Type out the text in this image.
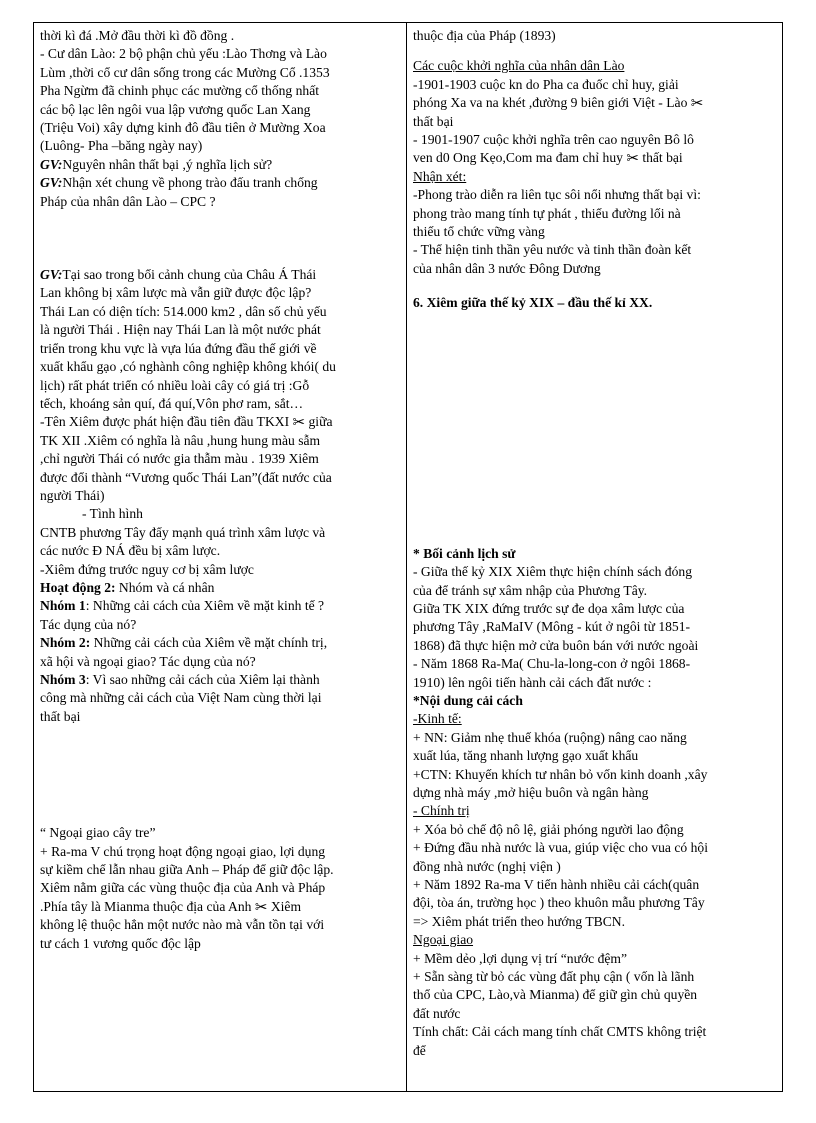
thời kì đá .Mở đầu thời kì đồ đồng .
- Cư dân Lào: 2 bộ phận chủ yếu :Lào Thơng và Lào
Lùm ,thời cổ cư dân sống trong các Mường Cổ .1353
Pha Ngừm đã chinh phục các mường cổ thống nhất
các bộ lạc lên ngôi vua lập vương quốc Lan Xang
(Triệu Voi) xây dựng kinh đô đầu tiên ở Mường Xoa
(Luông- Pha –băng ngày nay)
GV:Nguyên nhân thất bại ,ý nghĩa lịch sử?
GV:Nhận xét chung về phong trào đấu tranh chống
Pháp của nhân dân Lào – CPC ?
GV:Tại sao trong bối cảnh chung của Châu Á Thái
Lan không bị xâm lược mà vẫn giữ được độc lập?
Thái Lan có diện tích: 514.000 km2 , dân số chủ yếu
là người Thái . Hiện nay Thái Lan là một nước phát
triển trong khu vực là vựa lúa đứng đầu thế giới về
xuất khẩu gạo ,có nghành công nghiệp không khói( du
lịch) rất phát triển có nhiều loài cây có giá trị :Gỗ
tếch, khoáng sản quí, đá quí,Vôn phơ ram, sắt…
-Tên Xiêm được phát hiện đầu tiên đầu TKXI ✂ giữa
TK XII .Xiêm có nghĩa là nâu ,hung hung màu sẫm
,chỉ người Thái có nước gia thẫm màu . 1939 Xiêm
được đổi thành “Vương quốc Thái Lan”(đất nước của
người Thái)
- Tình hình
CNTB phương Tây đẩy mạnh quá trình xâm lược và
các nước Đ NÁ đều bị xâm lược.
-Xiêm đứng trước nguy cơ bị xâm lược
Hoạt động 2: Nhóm và cá nhân
Nhóm 1: Những cải cách của Xiêm về mặt kinh tế ?
Tác dụng của nó?
Nhóm 2: Những cải cách của Xiêm về mặt chính trị,
xã hội và ngoại giao? Tác dụng của nó?
Nhóm 3: Vì sao những cải cách của Xiêm lại thành
công mà những cải cách của Việt Nam cùng thời lại
thất bại
“ Ngoại giao cây tre”
+ Ra-ma V chú trọng hoạt động ngoại giao, lợi dụng
sự kiềm chế lẫn nhau giữa Anh – Pháp để giữ độc lập.
Xiêm nằm giữa các vùng thuộc địa của Anh và Pháp
.Phía tây là Mianma thuộc địa của Anh ✂ Xiêm
không lệ thuộc hẳn một nước nào mà vẫn tồn tại với
tư cách 1 vương quốc độc lập
thuộc địa của Pháp (1893)
Các cuộc khởi nghĩa của nhân dân Lào
-1901-1903 cuộc kn do Pha ca đuốc chỉ huy, giải
phóng Xa va na khét ,đường 9 biên giới Việt - Lào ✂
thất bại
- 1901-1907 cuộc khởi nghĩa trên cao nguyên Bô lô
ven d0 Ong Kẹo,Com ma đam chỉ huy ✂ thất bại
Nhận xét:
-Phong trào diễn ra liên tục sôi nổi nhưng thất bại vì:
phong trào mang tính tự phát , thiếu đường lối nà
thiếu tổ chức vững vàng
- Thể hiện tinh thần yêu nước và tinh thần đoàn kết
của nhân dân 3 nước Đông Dương
6. Xiêm giữa thế kỷ XIX – đầu thế kỉ XX.
* Bối cảnh lịch sử
- Giữa thế kỷ XIX Xiêm thực hiện chính sách đóng
của để tránh sự xâm nhập của Phương Tây.
Giữa TK XIX đứng trước sự đe dọa xâm lược của
phương Tây ,RaMaIV (Mông - kút ở ngôi từ 1851-
1868) đã thực hiện mở cửa buôn bán với nước ngoài
- Năm 1868 Ra-Ma( Chu-la-long-con ở ngôi 1868-
1910) lên ngôi tiến hành cải cách đất nước :
*Nội dung cải cách
-Kinh tế:
+ NN: Giảm nhẹ thuế khóa (ruộng) nâng cao năng
xuất lúa, tăng nhanh lượng gạo xuất khẩu
+CTN: Khuyến khích tư nhân bỏ vốn kinh doanh ,xây
dựng nhà máy ,mở hiệu buôn và ngân hàng
- Chính trị
+ Xóa bỏ chế độ nô lệ, giải phóng người lao động
+ Đứng đầu nhà nước là vua, giúp việc cho vua có hội
đồng nhà nước (nghị viện )
+ Năm 1892 Ra-ma V tiến hành nhiều cải cách(quân
đội, tòa án, trường học ) theo khuôn mẫu phương Tây
=> Xiêm phát triển theo hướng TBCN.
Ngoại giao
+ Mềm dẻo ,lợi dụng vị trí “nước đệm”
+ Sẵn sàng từ bỏ các vùng đất phụ cận ( vốn là lãnh
thổ của CPC, Lào,và Mianma) để giữ gìn chủ quyền
đất nước
Tính chất: Cải cách mang tính chất CMTS không triệt
để
